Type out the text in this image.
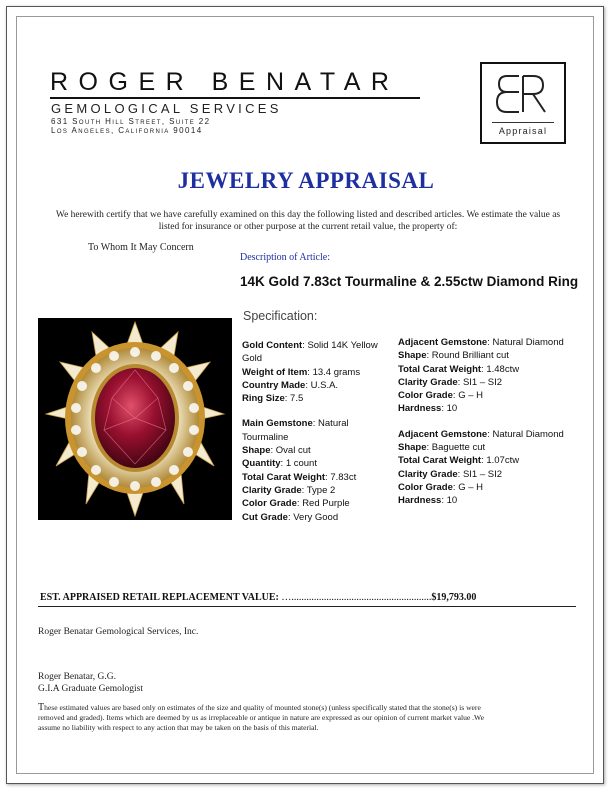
ROGER BENATAR
GEMOLOGICAL SERVICES
631 South Hill Street, Suite 22
Los Angeles, California 90014	Appraisal
JEWELRY APPRAISAL
We herewith certify that we have carefully examined on this day the following listed and described articles. We estimate the value as listed for insurance or other purpose at the current retail value, the property of:
To Whom It May Concern
Description of Article:
14K Gold 7.83ct Tourmaline & 2.55ctw Diamond Ring
Specification:
Gold Content: Solid 14K Yellow Gold
Weight of Item: 13.4 grams
Country Made: U.S.A.
Ring Size: 7.5
Main Gemstone: Natural Tourmaline
Shape: Oval cut
Quantity: 1 count
Total Carat Weight: 7.83ct
Clarity Grade: Type 2
Color Grade: Red Purple
Cut Grade: Very Good
Adjacent Gemstone: Natural Diamond
Shape: Round Brilliant cut
Total Carat Weight: 1.48ctw
Clarity Grade: SI1 – SI2
Color Grade: G – H
Hardness: 10
Adjacent Gemstone: Natural Diamond
Shape: Baguette cut
Total Carat Weight: 1.07ctw
Clarity Grade: SI1 – SI2
Color Grade: G – H
Hardness: 10
EST. APPRAISED RETAIL REPLACEMENT VALUE: …........................................................$19,793.00
Roger Benatar Gemological Services, Inc.
Roger Benatar, G.G.
G.I.A Graduate Gemologist
These estimated values are based only on estimates of the size and quality of mounted stone(s) (unless specifically stated that the stone(s) is were removed and graded). Items which are deemed by us as irreplaceable or antique in nature are expressed as our opinion of current market value .We assume no liability with respect to any action that may be taken on the basis of this material.
